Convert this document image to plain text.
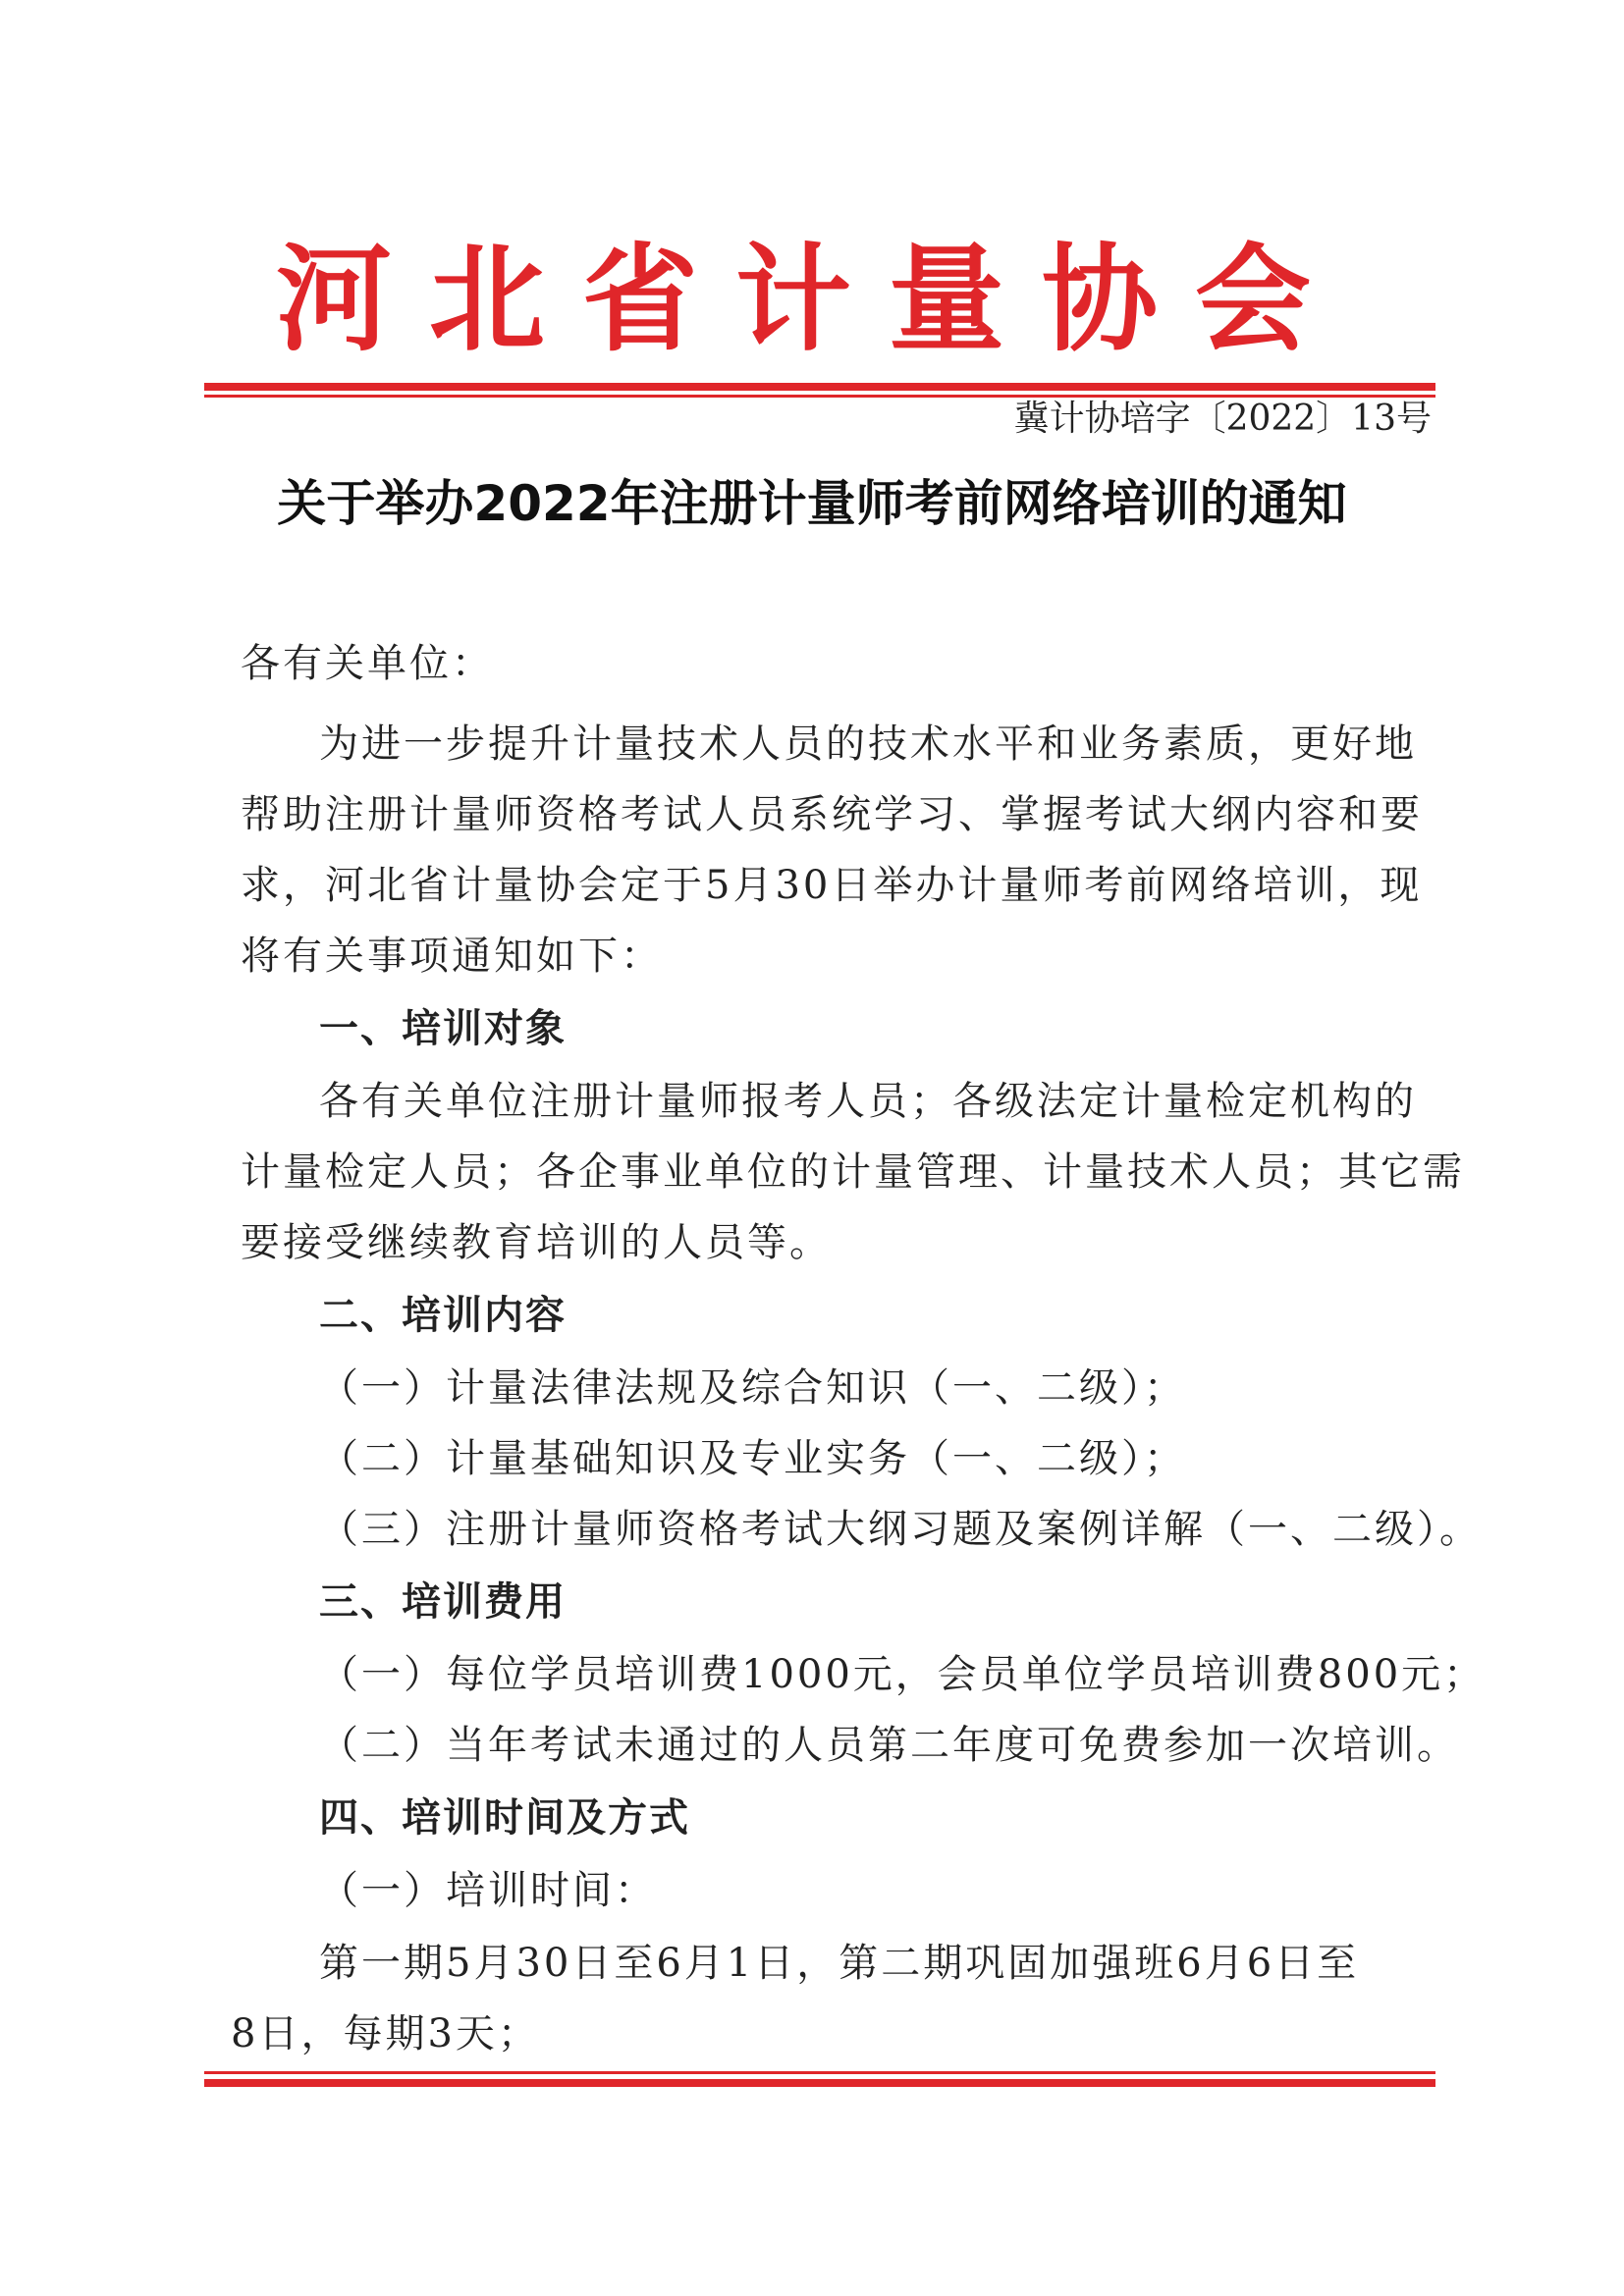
河北省计量协会
冀计协培字〔2022〕13号
关于举办2022年注册计量师考前网络培训的通知
各有关单位：
为进一步提升计量技术人员的技术水平和业务素质，更好地
帮助注册计量师资格考试人员系统学习、掌握考试大纲内容和要
求，河北省计量协会定于5月30日举办计量师考前网络培训，现
将有关事项通知如下：
一、培训对象
各有关单位注册计量师报考人员；各级法定计量检定机构的
计量检定人员；各企事业单位的计量管理、计量技术人员；其它需
要接受继续教育培训的人员等。
二、培训内容
（一）计量法律法规及综合知识（一、二级）；
（二）计量基础知识及专业实务（一、二级）；
（三）注册计量师资格考试大纲习题及案例详解（一、二级）。
三、培训费用
（一）每位学员培训费1000元，会员单位学员培训费800元；
（二）当年考试未通过的人员第二年度可免费参加一次培训。
四、培训时间及方式
（一）培训时间：
第一期5月30日至6月1日，第二期巩固加强班6月6日至
8日，每期3天；
